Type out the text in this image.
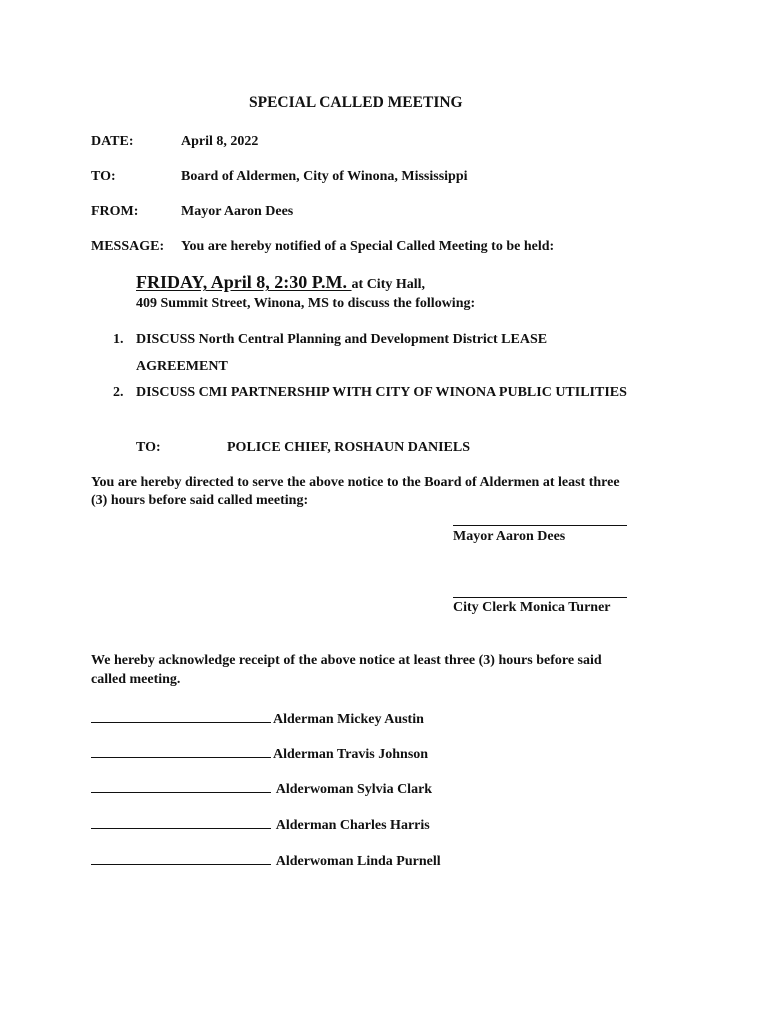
SPECIAL CALLED MEETING
DATE:	April 8, 2022
TO:	Board of Aldermen, City of Winona, Mississippi
FROM:	Mayor Aaron Dees
MESSAGE: You are hereby notified of a Special Called Meeting to be held:
FRIDAY, April 8, 2:30 P.M. at City Hall,
409 Summit Street, Winona, MS to discuss the following:
1. DISCUSS North Central Planning and Development District LEASE
AGREEMENT
2. DISCUSS CMI PARTNERSHIP WITH CITY OF WINONA PUBLIC UTILITIES
TO:	POLICE CHIEF, ROSHAUN DANIELS
You are hereby directed to serve the above notice to the Board of Aldermen at least three
(3) hours before said called meeting:
Mayor Aaron Dees
City Clerk Monica Turner
We hereby acknowledge receipt of the above notice at least three (3) hours before said
called meeting.
Alderman Mickey Austin
Alderman Travis Johnson
Alderwoman Sylvia Clark
Alderman Charles Harris
Alderwoman Linda Purnell
